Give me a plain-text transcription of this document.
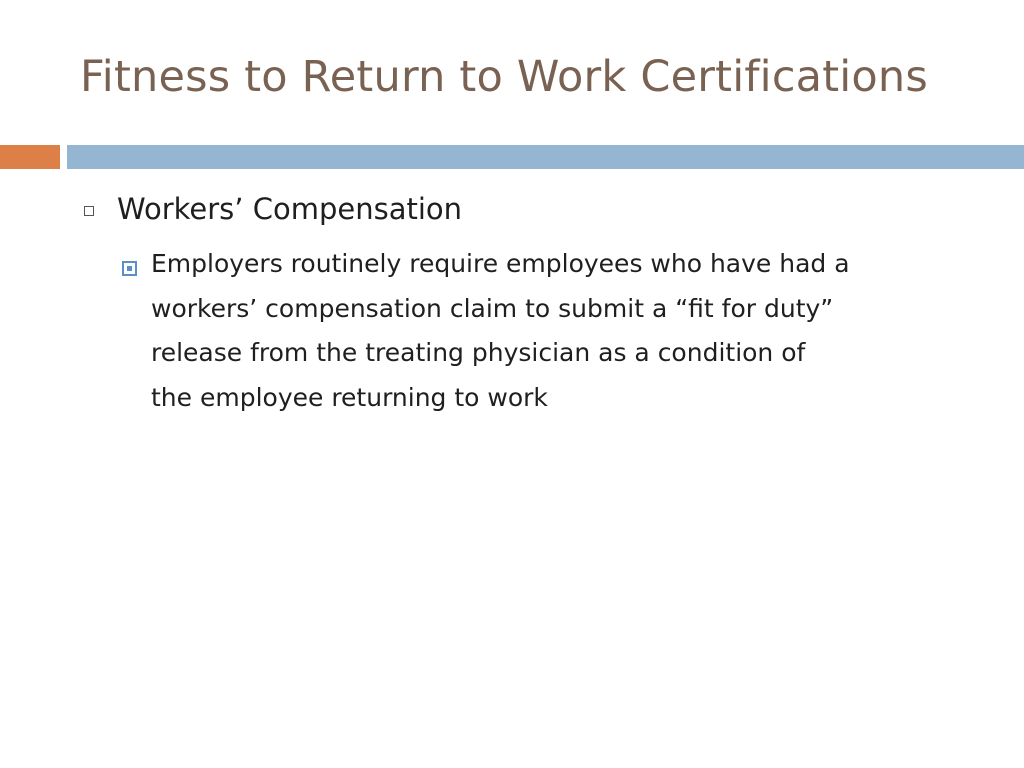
Fitness to Return to Work Certifications
Workers’ Compensation
Employers routinely require employees who have had a
workers’ compensation claim to submit a “fit for duty”
release from the treating physician as a condition of
the employee returning to work
